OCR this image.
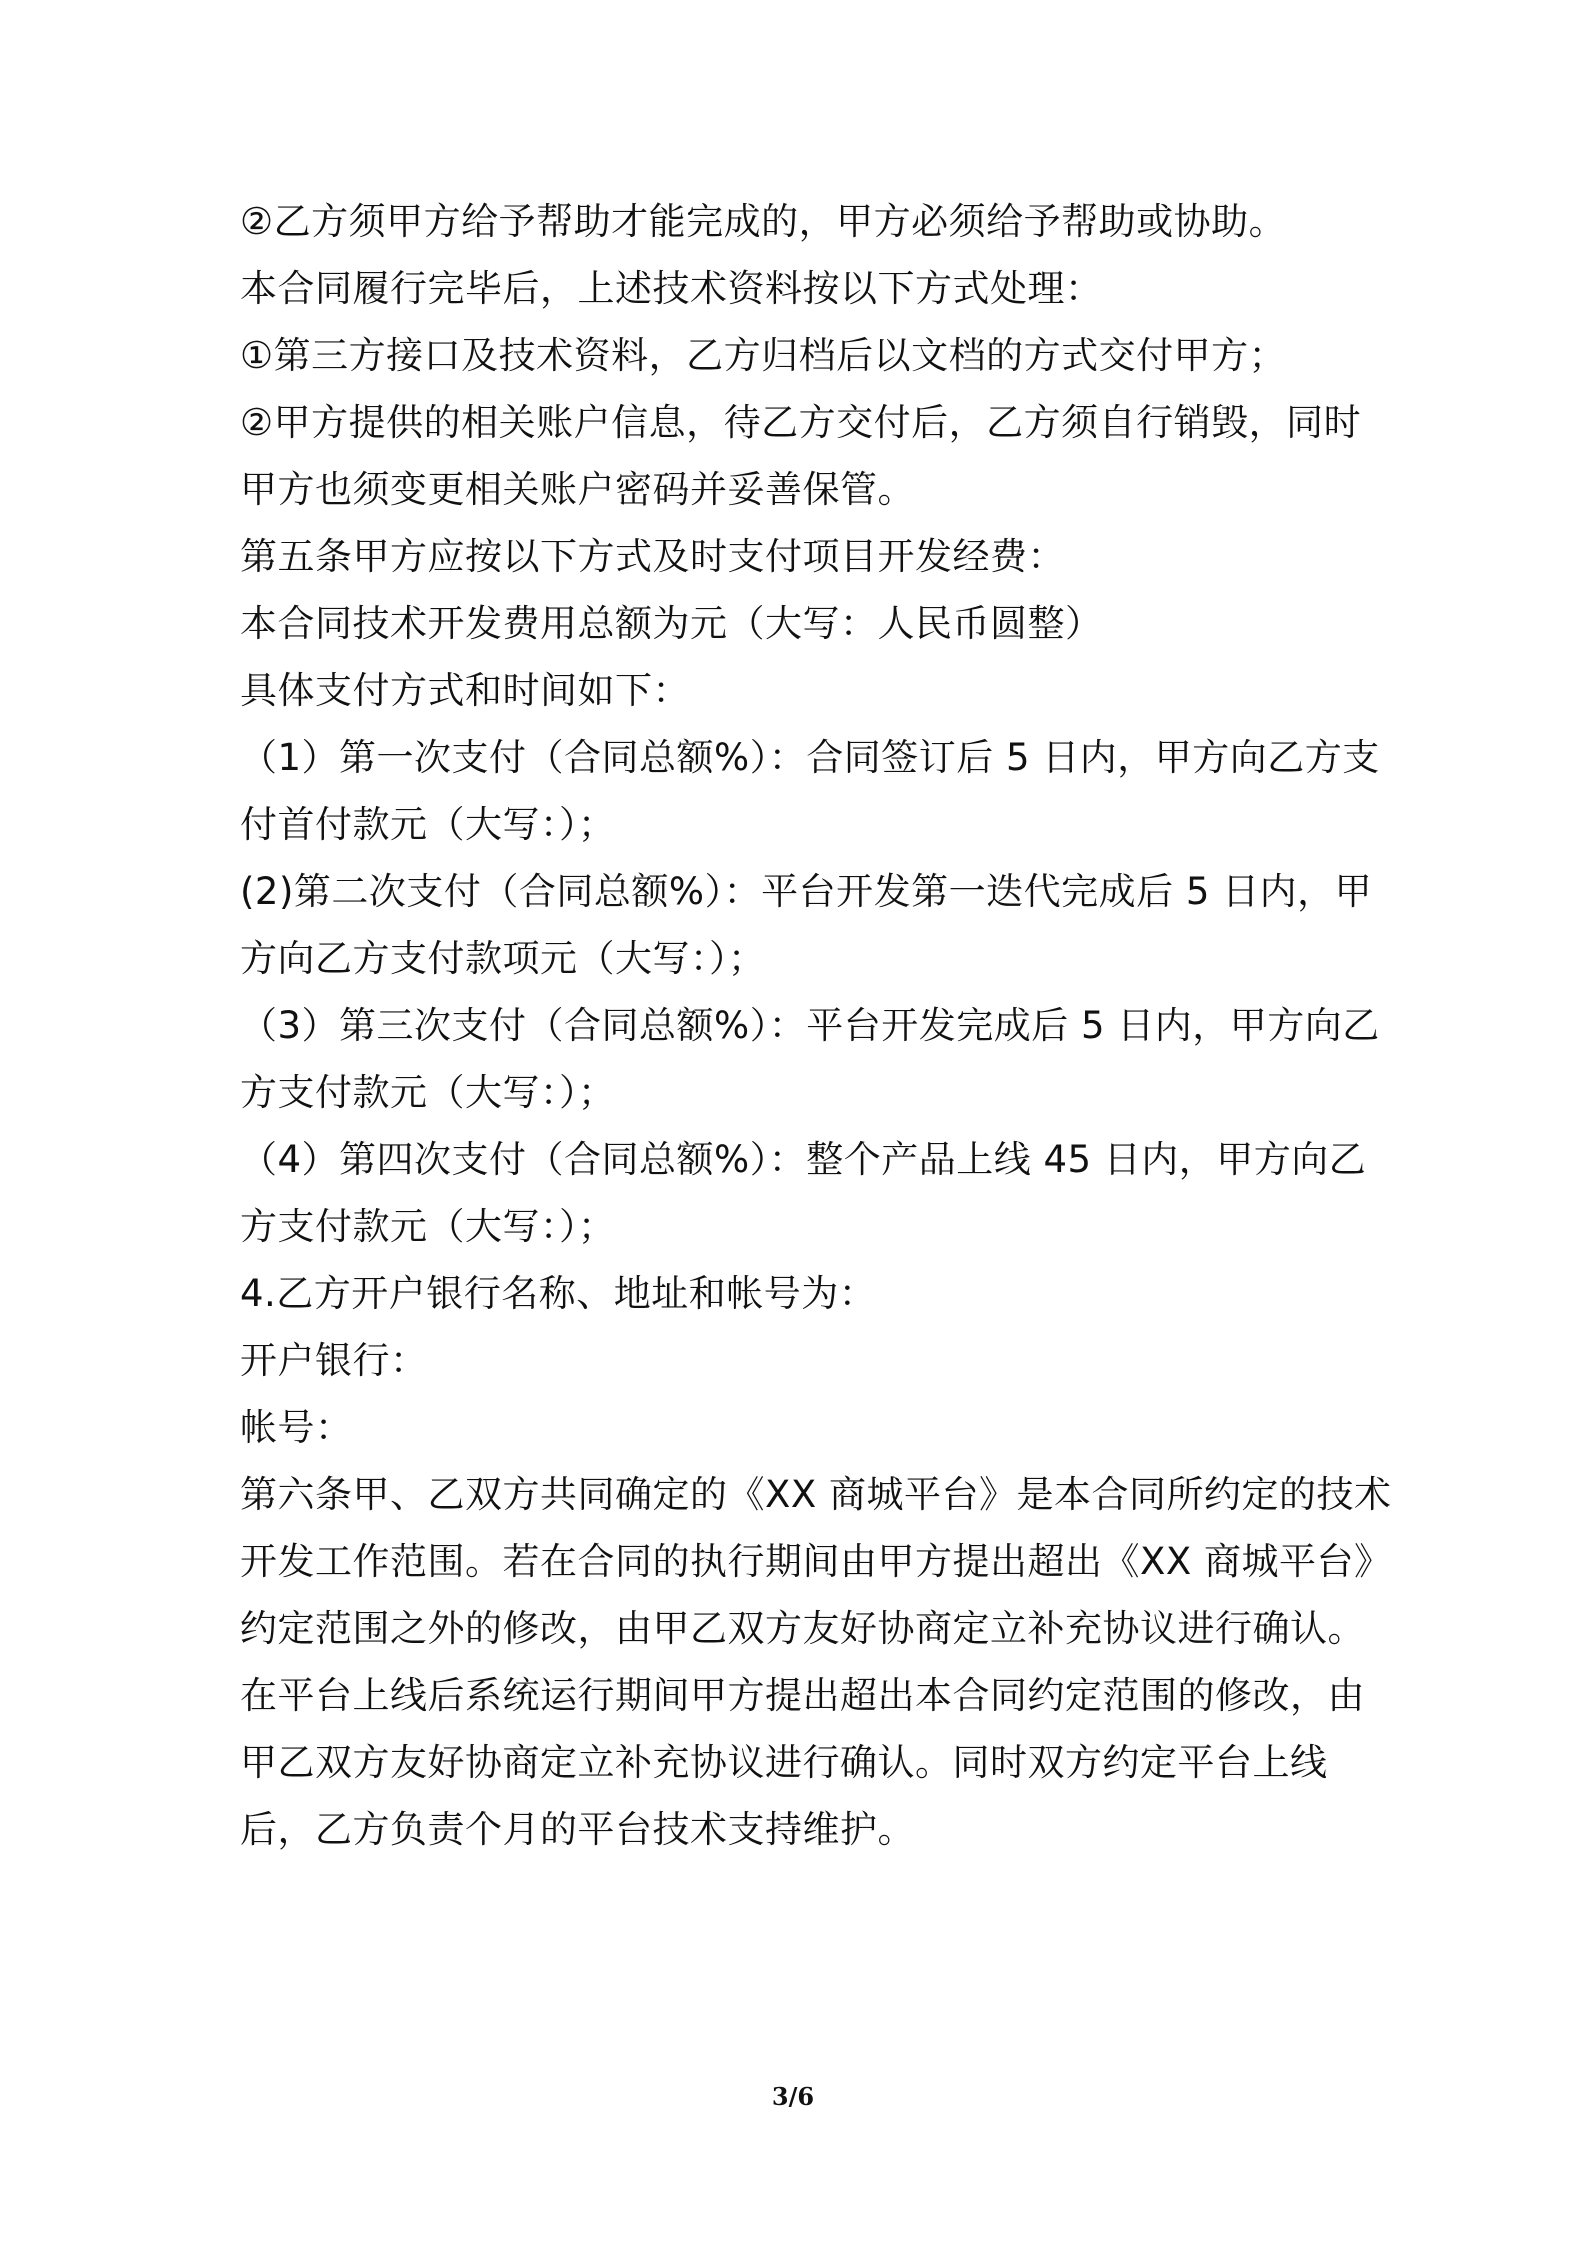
②乙方须甲方给予帮助才能完成的，甲方必须给予帮助或协助。
本合同履行完毕后，上述技术资料按以下方式处理：
①第三方接口及技术资料，乙方归档后以文档的方式交付甲方；
②甲方提供的相关账户信息，待乙方交付后，乙方须自行销毁，同时
甲方也须变更相关账户密码并妥善保管。
第五条甲方应按以下方式及时支付项目开发经费：
本合同技术开发费用总额为元（大写：人民币圆整）
具体支付方式和时间如下：
（1）第一次支付（合同总额%）：合同签订后 5 日内，甲方向乙方支
付首付款元（大写：）；
(2)第二次支付（合同总额%）：平台开发第一迭代完成后 5 日内，甲
方向乙方支付款项元（大写：）；
（3）第三次支付（合同总额%）：平台开发完成后 5 日内，甲方向乙
方支付款元（大写：）；
（4）第四次支付（合同总额%）：整个产品上线 45 日内，甲方向乙
方支付款元（大写：）；
4.乙方开户银行名称、地址和帐号为：
开户银行：
帐号：
第六条甲、乙双方共同确定的《XX 商城平台》是本合同所约定的技术
开发工作范围。若在合同的执行期间由甲方提出超出《XX 商城平台》
约定范围之外的修改，由甲乙双方友好协商定立补充协议进行确认。
在平台上线后系统运行期间甲方提出超出本合同约定范围的修改，由
甲乙双方友好协商定立补充协议进行确认。同时双方约定平台上线
后，乙方负责个月的平台技术支持维护。
3/6
